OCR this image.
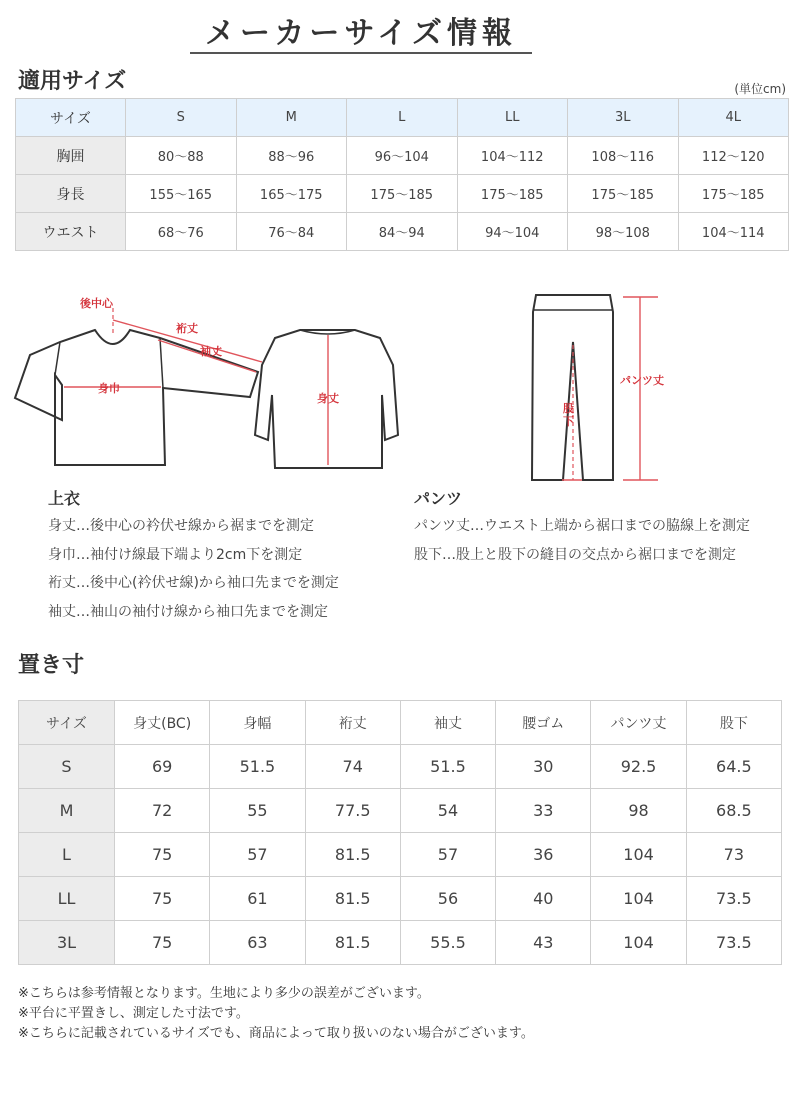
メーカーサイズ情報
適用サイズ	(単位cm)
サイズ	S	M	L	LL	3L	4L
胸囲	80〜88	88〜96	96〜104	104〜112	108〜116	112〜120
身長	155〜165	165〜175	175〜185	175〜185	175〜185	175〜185
ウエスト	68〜76	76〜84	84〜94	94〜104	98〜108	104〜114
後中心
裄丈
袖丈
身巾
身丈
パンツ丈
股
下
上衣
身丈…後中心の衿伏せ線から裾までを測定
身巾…袖付け線最下端より2cm下を測定
裄丈…後中心(衿伏せ線)から袖口先までを測定
袖丈…袖山の袖付け線から袖口先までを測定
パンツ
パンツ丈…ウエスト上端から裾口までの脇線上を測定
股下…股上と股下の縫目の交点から裾口までを測定
置き寸
サイズ	身丈(BC)	身幅	裄丈	袖丈	腰ゴム	パンツ丈	股下
S	69	51.5	74	51.5	30	92.5	64.5
M	72	55	77.5	54	33	98	68.5
L	75	57	81.5	57	36	104	73
LL	75	61	81.5	56	40	104	73.5
3L	75	63	81.5	55.5	43	104	73.5
※こちらは参考情報となります。生地により多少の誤差がございます。
※平台に平置きし、測定した寸法です。
※こちらに記載されているサイズでも、商品によって取り扱いのない場合がございます。
